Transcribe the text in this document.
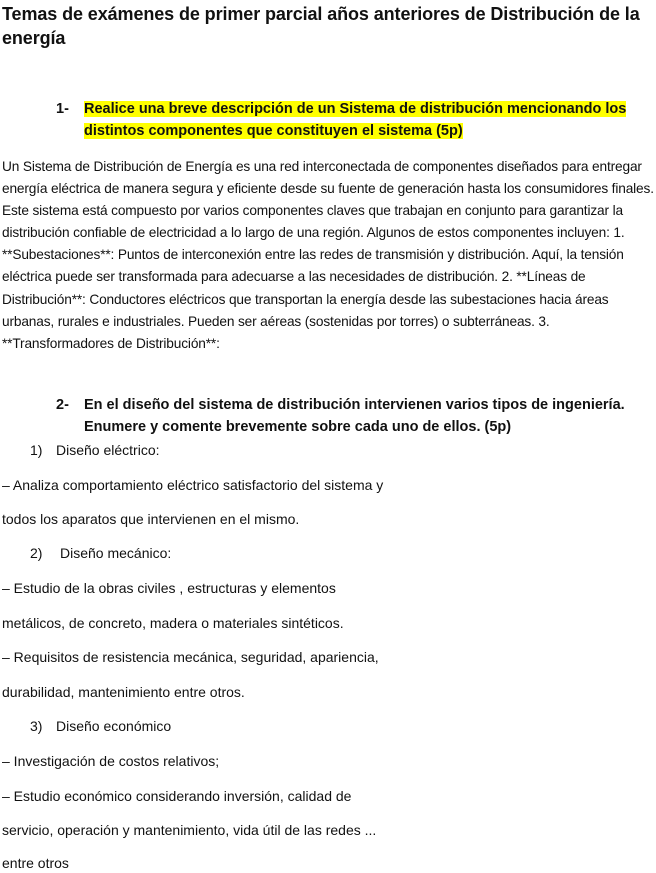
Temas de exámenes de primer parcial años anteriores de Distribución de la energía
1-	Realice una breve descripción de un Sistema de distribución mencionando los distintos componentes que constituyen el sistema (5p)

Un Sistema de Distribución de Energía es una red interconectada de componentes diseñados para entregar energía eléctrica de manera segura y eficiente desde su fuente de generación hasta los consumidores finales. Este sistema está compuesto por varios componentes claves que trabajan en conjunto para garantizar la distribución confiable de electricidad a lo largo de una región. Algunos de estos componentes incluyen: 1. **Subestaciones**: Puntos de interconexión entre las redes de transmisión y distribución. Aquí, la tensión eléctrica puede ser transformada para adecuarse a las necesidades de distribución. 2. **Líneas de Distribución**: Conductores eléctricos que transportan la energía desde las subestaciones hacia áreas urbanas, rurales e industriales. Pueden ser aéreas (sostenidas por torres) o subterráneas. 3. **Transformadores de Distribución**:

2-	En el diseño del sistema de distribución intervienen varios tipos de ingeniería. Enumere y comente brevemente sobre cada uno de ellos. (5p)
1) Diseño eléctrico:
– Analiza comportamiento eléctrico satisfactorio del sistema y
todos los aparatos que intervienen en el mismo.
2) Diseño mecánico:
– Estudio de la obras civiles , estructuras y elementos
metálicos, de concreto, madera o materiales sintéticos.
– Requisitos de resistencia mecánica, seguridad, apariencia,
durabilidad, mantenimiento entre otros.
3) Diseño económico
– Investigación de costos relativos;
– Estudio económico considerando inversión, calidad de
servicio, operación y mantenimiento, vida útil de las redes ...
entre otros
